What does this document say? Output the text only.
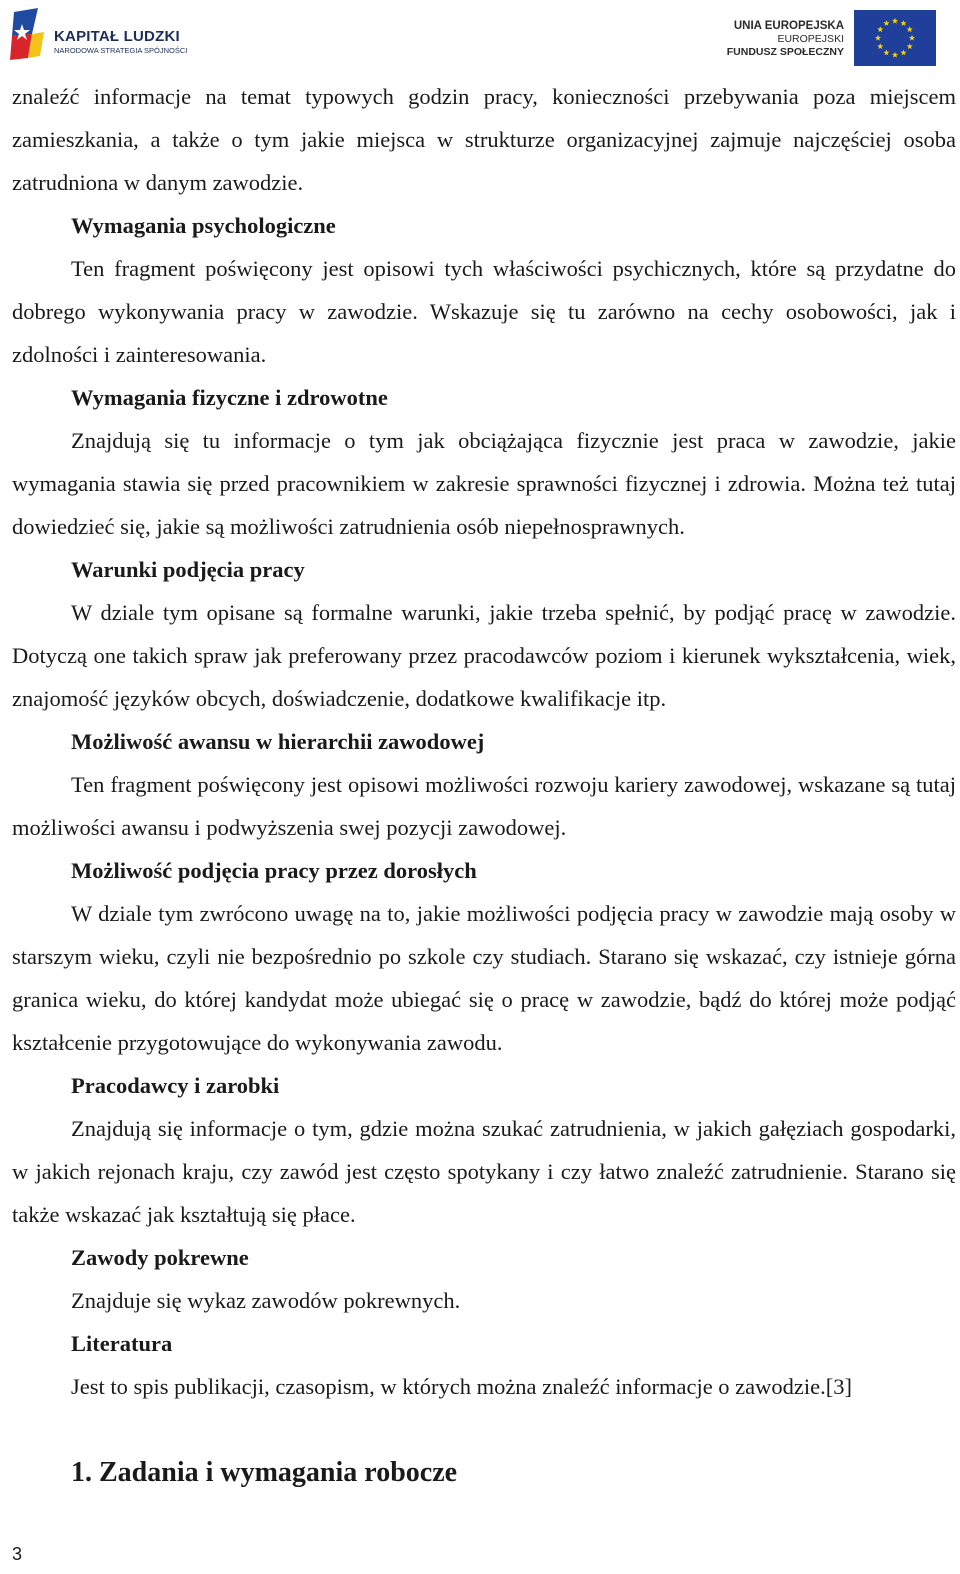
KAPITAŁ LUDZKI
NARODOWA STRATEGIA SPÓJNOŚCI
UNIA EUROPEJSKA
EUROPEJSKI
FUNDUSZ SPOŁECZNY

znaleźć informacje na temat typowych godzin pracy, konieczności przebywania poza miejscem zamieszkania, a także o tym jakie miejsca w strukturze organizacyjnej zajmuje najczęściej osoba zatrudniona w danym zawodzie.

Wymagania psychologiczne

Ten fragment poświęcony jest opisowi tych właściwości psychicznych, które są przydatne do dobrego wykonywania pracy w zawodzie. Wskazuje się tu zarówno na cechy osobowości, jak i zdolności i zainteresowania.

Wymagania fizyczne i zdrowotne

Znajdują się tu informacje o tym jak obciążająca fizycznie jest praca w zawodzie, jakie wymagania stawia się przed pracownikiem w zakresie sprawności fizycznej i zdrowia. Można też tutaj dowiedzieć się, jakie są możliwości zatrudnienia osób niepełnosprawnych.

Warunki podjęcia pracy

W dziale tym opisane są formalne warunki, jakie trzeba spełnić, by podjąć pracę w zawodzie. Dotyczą one takich spraw jak preferowany przez pracodawców poziom i kierunek wykształcenia, wiek, znajomość języków obcych, doświadczenie, dodatkowe kwalifikacje itp.

Możliwość awansu w hierarchii zawodowej

Ten fragment poświęcony jest opisowi możliwości rozwoju kariery zawodowej, wskazane są tutaj możliwości awansu i podwyższenia swej pozycji zawodowej.

Możliwość podjęcia pracy przez dorosłych

W dziale tym zwrócono uwagę na to, jakie możliwości podjęcia pracy w zawodzie mają osoby w starszym wieku, czyli nie bezpośrednio po szkole czy studiach. Starano się wskazać, czy istnieje górna granica wieku, do której kandydat może ubiegać się o pracę w zawodzie, bądź do której może podjąć kształcenie przygotowujące do wykonywania zawodu.

Pracodawcy i zarobki

Znajdują się informacje o tym, gdzie można szukać zatrudnienia, w jakich gałęziach gospodarki, w jakich rejonach kraju, czy zawód jest często spotykany i czy łatwo znaleźć zatrudnienie. Starano się także wskazać jak kształtują się płace.

Zawody pokrewne

Znajduje się wykaz zawodów pokrewnych.

Literatura

Jest to spis publikacji, czasopism, w których można znaleźć informacje o zawodzie.[3]

1. Zadania i wymagania robocze

3
